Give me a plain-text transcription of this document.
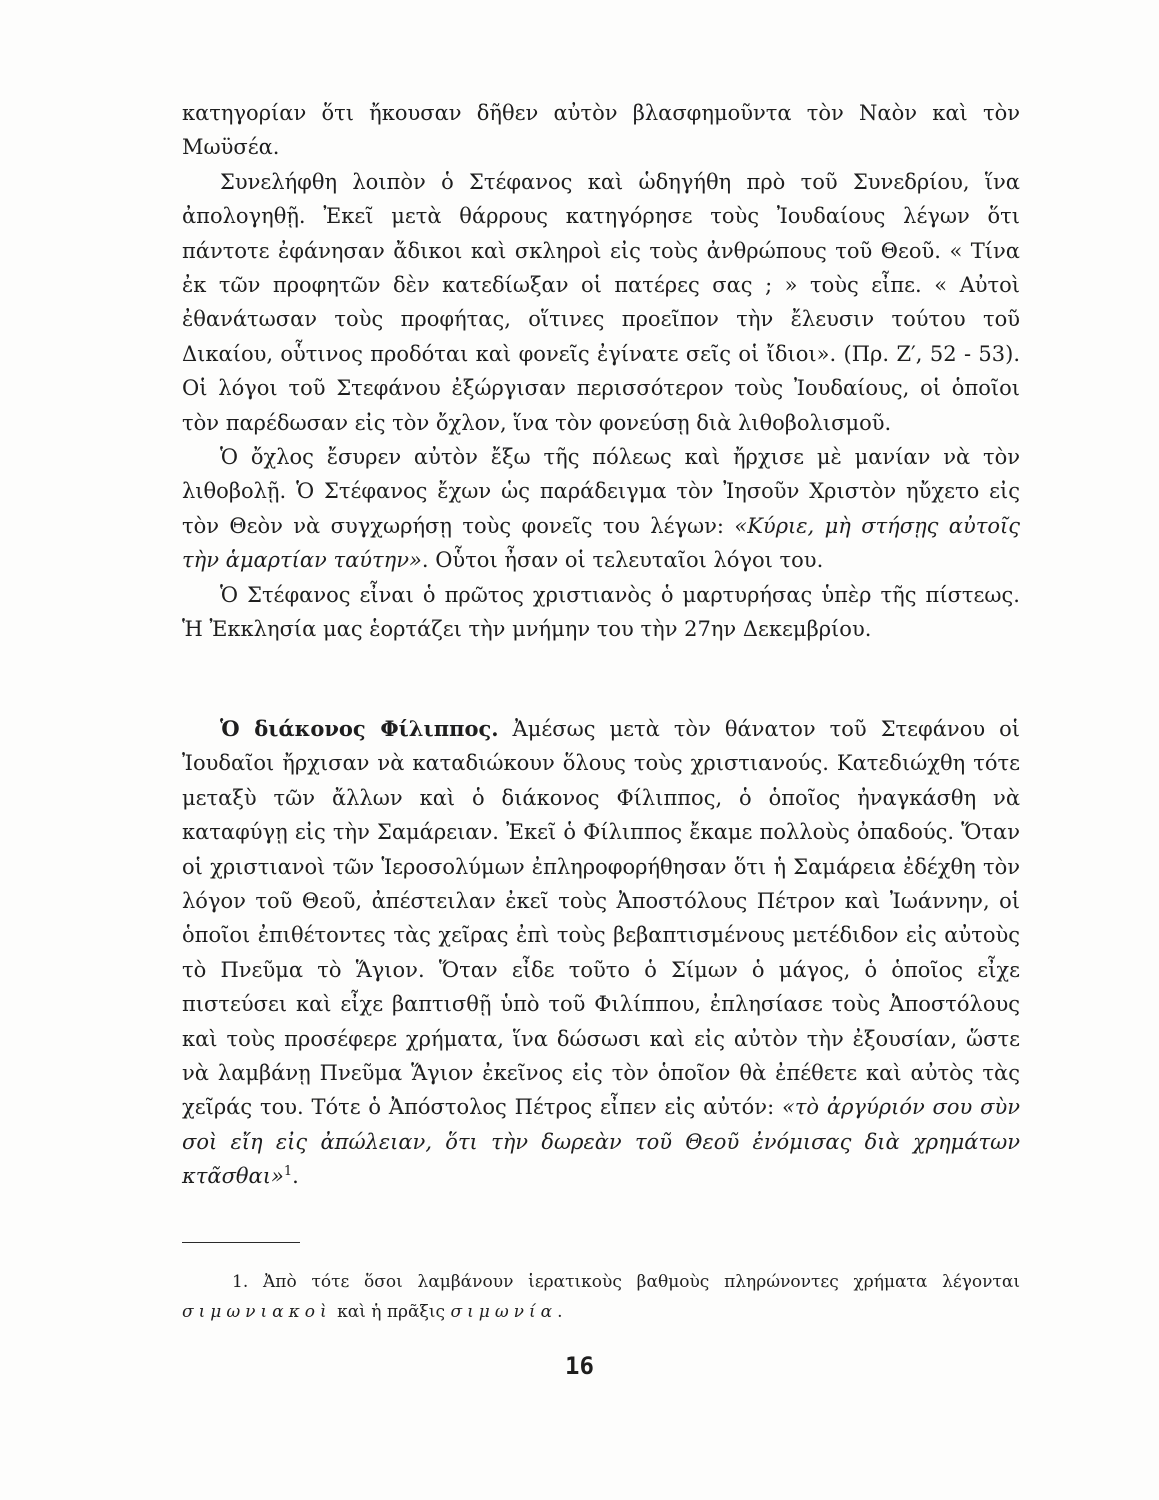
κατηγορίαν ὅτι ἤκουσαν δῆθεν αὐτὸν βλασφημοῦντα τὸν Ναὸν καὶ τὸν Μωϋσέα.

Συνελήφθη λοιπὸν ὁ Στέφανος καὶ ὡδηγήθη πρὸ τοῦ Συνεδρίου, ἵνα ἀπολογηθῇ. Ἐκεῖ μετὰ θάρρους κατηγόρησε τοὺς Ἰουδαίους λέγων ὅτι πάντοτε ἐφάνησαν ἄδικοι καὶ σκληροὶ εἰς τοὺς ἀνθρώπους τοῦ Θεοῦ. « Τίνα ἐκ τῶν προφητῶν δὲν κατεδίωξαν οἱ πατέρες σας ; » τοὺς εἶπε. « Αὐτοὶ ἐθανάτωσαν τοὺς προφήτας, οἵτινες προεῖπον τὴν ἔλευσιν τούτου τοῦ Δικαίου, οὗτινος προδόται καὶ φονεῖς ἐγίνατε σεῖς οἱ ἴδιοι». (Πρ. Ζ′, 52 - 53). Οἱ λόγοι τοῦ Στεφάνου ἐξώργισαν περισσότερον τοὺς Ἰουδαίους, οἱ ὁποῖοι τὸν παρέδωσαν εἰς τὸν ὄχλον, ἵνα τὸν φονεύσῃ διὰ λιθοβολισμοῦ.

Ὁ ὄχλος ἔσυρεν αὐτὸν ἔξω τῆς πόλεως καὶ ἤρχισε μὲ μανίαν νὰ τὸν λιθοβολῇ. Ὁ Στέφανος ἔχων ὡς παράδειγμα τὸν Ἰησοῦν Χριστὸν ηὔχετο εἰς τὸν Θεὸν νὰ συγχωρήσῃ τοὺς φονεῖς του λέγων: «Κύριε, μὴ στήσῃς αὐτοῖς τὴν ἁμαρτίαν ταύτην». Οὗτοι ἦσαν οἱ τελευταῖοι λόγοι του.

Ὁ Στέφανος εἶναι ὁ πρῶτος χριστιανὸς ὁ μαρτυρήσας ὑπὲρ τῆς πίστεως. Ἡ Ἐκκλησία μας ἑορτάζει τὴν μνήμην του τὴν 27ην Δεκεμβρίου.

Ὁ διάκονος Φίλιππος. Ἀμέσως μετὰ τὸν θάνατον τοῦ Στεφάνου οἱ Ἰουδαῖοι ἤρχισαν νὰ καταδιώκουν ὅλους τοὺς χριστιανούς. Κατεδιώχθη τότε μεταξὺ τῶν ἄλλων καὶ ὁ διάκονος Φίλιππος, ὁ ὁποῖος ἠναγκάσθη νὰ καταφύγῃ εἰς τὴν Σαμάρειαν. Ἐκεῖ ὁ Φίλιππος ἔκαμε πολλοὺς ὀπαδούς. Ὅταν οἱ χριστιανοὶ τῶν Ἱεροσολύμων ἐπληροφορήθησαν ὅτι ἡ Σαμάρεια ἐδέχθη τὸν λόγον τοῦ Θεοῦ, ἀπέστειλαν ἐκεῖ τοὺς Ἀποστόλους Πέτρον καὶ Ἰωάννην, οἱ ὁποῖοι ἐπιθέτοντες τὰς χεῖρας ἐπὶ τοὺς βεβαπτισμένους μετέδιδον εἰς αὐτοὺς τὸ Πνεῦμα τὸ Ἅγιον. Ὅταν εἶδε τοῦτο ὁ Σίμων ὁ μάγος, ὁ ὁποῖος εἶχε πιστεύσει καὶ εἶχε βαπτισθῇ ὑπὸ τοῦ Φιλίππου, ἐπλησίασε τοὺς Ἀποστόλους καὶ τοὺς προσέφερε χρήματα, ἵνα δώσωσι καὶ εἰς αὐτὸν τὴν ἐξουσίαν, ὥστε νὰ λαμβάνῃ Πνεῦμα Ἅγιον ἐκεῖνος εἰς τὸν ὁποῖον θὰ ἐπέθετε καὶ αὐτὸς τὰς χεῖράς του. Τότε ὁ Ἀπόστολος Πέτρος εἶπεν εἰς αὐτόν: «τὸ ἀργύριόν σου σὺν σοὶ εἴη εἰς ἀπώλειαν, ὅτι τὴν δωρεὰν τοῦ Θεοῦ ἐνόμισας διὰ χρημάτων κτᾶσθαι»$^1$.

1. Ἀπὸ τότε ὅσοι λαμβάνουν ἱερατικοὺς βαθμοὺς πληρώνοντες χρήματα λέγονται σιμωνιακοὶ καὶ ἡ πρᾶξις σιμωνία.
16
